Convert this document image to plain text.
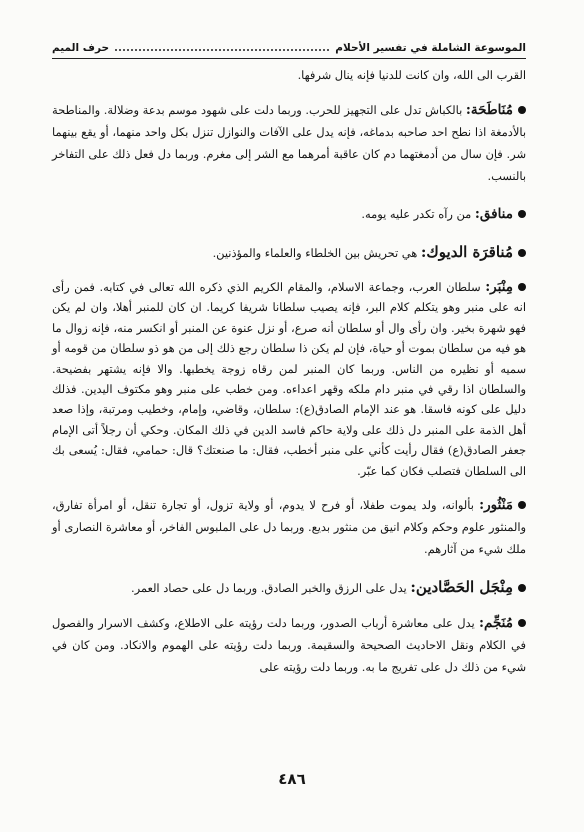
حرف الميم	الموسوعة الشاملة في تفسير الأحلام

القرب الى الله، وان كانت للدنيا فإنه ينال شرفها.

مُنَاطَحَة: بالكباش تدل على التجهيز للحرب. وربما دلت على شهود موسم بدعة وضلالة. والمناطحة بالأدمغة اذا نطح احد صاحبه بدماغه، فإنه يدل على الآفات والنوازل تنزل بكل واحد منهما، أو يقع بينهما شر. فإن سال من أدمغتهما دم كان عاقبة أمرهما مع الشر إلى مغرم. وربما دل فعل ذلك على التفاخر بالنسب.

منافق: من رآه تكدر عليه يومه.

مُناقرَة الديوك: هي تحريش بين الخلطاء والعلماء والمؤذنين.

مِنْبَر: سلطان العرب، وجماعة الاسلام، والمقام الكريم الذي ذكره الله تعالى في كتابه. فمن رأى انه على منبر وهو يتكلم كلام البر، فإنه يصيب سلطانا شريفا كريما. ان كان للمنبر أهلا، وان لم يكن فهو شهرة بخير. وان رأى وال أو سلطان أنه صرع، أو نزل عنوة عن المنبر أو انكسر منه، فإنه زوال ما هو فيه من سلطان بموت أو حياة، فإن لم يكن ذا سلطان رجع ذلك إلى من هو ذو سلطان من قومه أو سميه أو نظيره من الناس. وربما كان المنبر لمن رقاه زوجة يخطبها. والا فإنه يشتهر بفضيحة. والسلطان اذا رقي في منبر دام ملكه وقهر اعداءه. ومن خطب على منبر وهو مكتوف اليدين. فذلك دليل على كونه فاسقا. هو عند الإمام الصادق(ع): سلطان، وقاضي، وإمام، وخطيب ومرتبة، وإذا صعد أهل الذمة على المنبر دل ذلك على ولاية حاكم فاسد الدين في ذلك المكان. وحكي أن رجلاً أتى الإمام جعفر الصادق(ع) فقال رأيت كأني على منبر أخطب، فقال: ما صنعتك؟ قال: حمامي، فقال: يُسعى بك الى السلطان فتصلب فكان كما عبّر.

مَنْثُور: بألوانه، ولد يموت طفلا، أو فرح لا يدوم، أو ولاية تزول، أو تجارة تنقل، أو امرأة تفارق، والمنثور علوم وحكم وكلام انيق من منثور بديع. وربما دل على الملبوس الفاخر، أو معاشرة النصارى أو ملك شيء من آثارهم.

مِنْجَل الحَصَّادين: يدل على الرزق والخبر الصادق. وربما دل على حصاد العمر.

مُنَجِّم: يدل على معاشرة أرباب الصدور، وربما دلت رؤيته على الاطلاع، وكشف الاسرار والفصول في الكلام ونقل الاحاديث الصحيحة والسقيمة. وربما دلت رؤيته على الهموم والانكاد. ومن كان في شيء من ذلك دل على تفريج ما به. وربما دلت رؤيته على

٤٨٦
